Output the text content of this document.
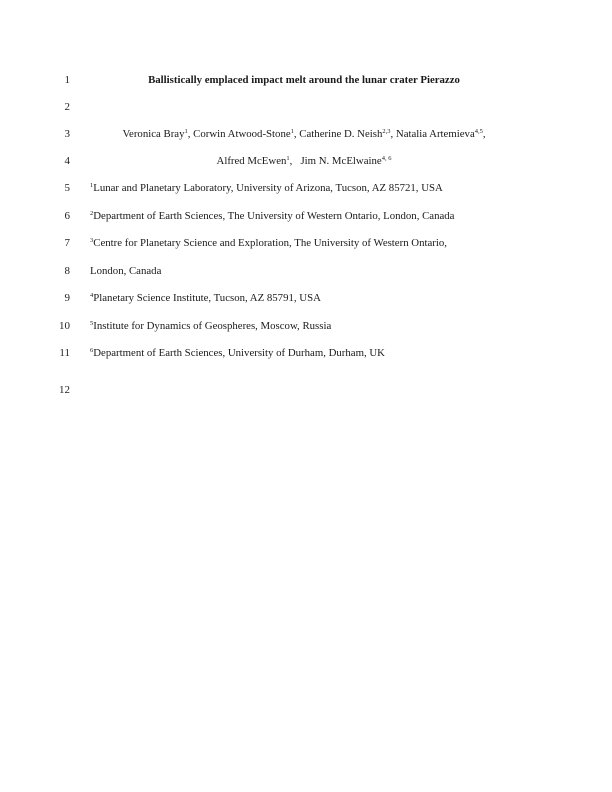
1	Ballistically emplaced impact melt around the lunar crater Pierazzo
2
3	Veronica Bray$^1$, Corwin Atwood-Stone$^1$, Catherine D. Neish$^{2,3}$, Natalia Artemieva$^{4,5}$,
4	Alfred McEwen$^1$,   Jim N. McElwaine$^{4, 6}$
5	$^1$Lunar and Planetary Laboratory, University of Arizona, Tucson, AZ 85721, USA
6	$^2$Department of Earth Sciences, The University of Western Ontario, London, Canada
7	$^3$Centre for Planetary Science and Exploration, The University of Western Ontario,
8 London, Canada
9	$^4$Planetary Science Institute, Tucson, AZ 85791, USA
10	$^5$Institute for Dynamics of Geospheres, Moscow, Russia
11	$^6$Department of Earth Sciences, University of Durham, Durham, UK
12
